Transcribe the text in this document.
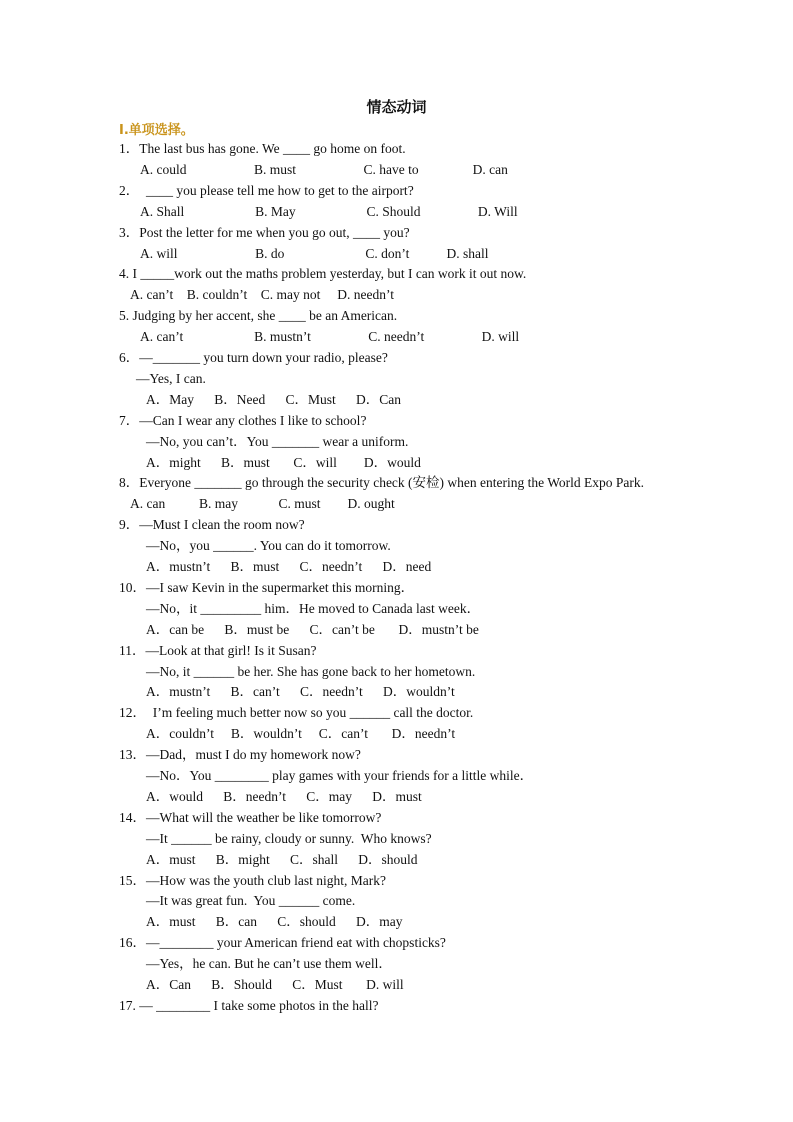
情态动词
I.单项选择。
1．The last bus has gone. We ____ go home on foot.
A. could                    B. must                    C. have to                D. can
2．  ____ you please tell me how to get to the airport?
A. Shall                     B. May                     C. Should                 D. Will
3．Post the letter for me when you go out, ____ you?
A. will                       B. do                        C. don’t           D. shall
4. I _____work out the maths problem yesterday, but I can work it out now.
A. can’t    B. couldn’t    C. may not     D. needn’t
5. Judging by her accent, she ____ be an American.
A. can’t                     B. mustn’t                 C. needn’t                 D. will
6．—_______ you turn down your radio, please?
—Yes, I can.
A．May      B．Need      C．Must      D．Can
7．—Can I wear any clothes I like to school?
—No, you can’t．You _______ wear a uniform.
A．might      B．must       C．will        D．would
8．Everyone _______ go through the security check (安检) when entering the World Expo Park.
A. can          B. may            C. must        D. ought
9．—Must I clean the room now?
—No，you ______. You can do it tomorrow.
A．mustn’t      B．must      C．needn’t      D．need
10．—I saw Kevin in the supermarket this morning．
—No，it _________ him．He moved to Canada last week．
A．can be      B．must be      C．can’t be       D．mustn’t be
11．—Look at that girl! Is it Susan?
—No, it ______ be her. She has gone back to her hometown.
A．mustn’t      B．can’t      C．needn’t      D．wouldn’t
12．  I’m feeling much better now so you ______ call the doctor.
A．couldn’t     B．wouldn’t     C．can’t       D．needn’t
13．—Dad，must I do my homework now?
—No．You ________ play games with your friends for a little while．
A．would      B．needn’t      C．may      D．must
14．—What will the weather be like tomorrow?
—It ______ be rainy, cloudy or sunny.  Who knows?
A．must      B．might      C．shall      D．should
15．—How was the youth club last night, Mark?
—It was great fun.  You ______ come.
A．must      B．can      C．should      D．may
16．—________ your American friend eat with chopsticks?
—Yes，he can. But he can’t use them well．
A．Can      B．Should      C．Must       D. will
17. — ________ I take some photos in the hall?
